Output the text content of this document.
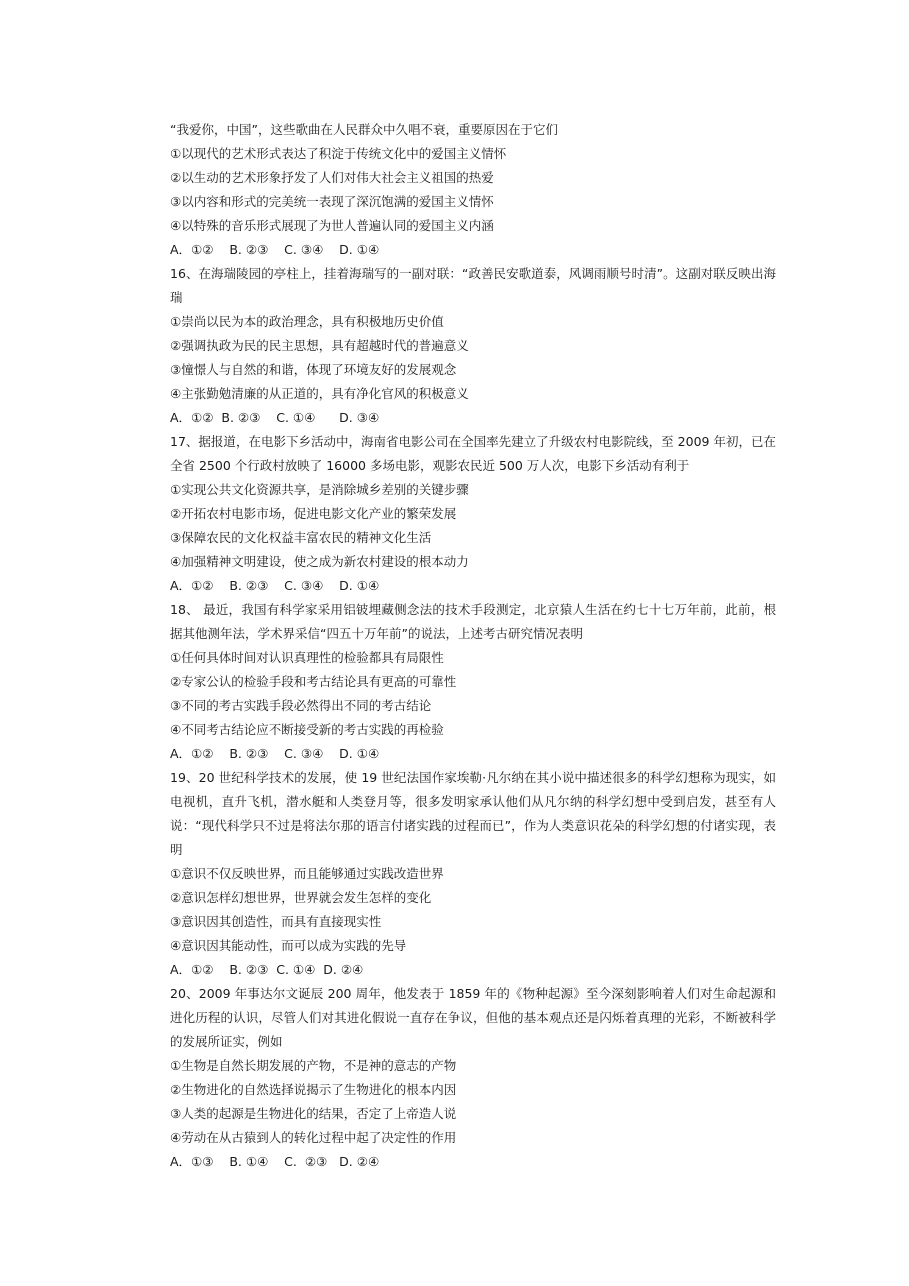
“我爱你，中国”，这些歌曲在人民群众中久唱不衰，重要原因在于它们
①以现代的艺术形式表达了积淀于传统文化中的爱国主义情怀
②以生动的艺术形象抒发了人们对伟大社会主义祖国的热爱
③以内容和形式的完美统一表现了深沉饱满的爱国主义情怀
④以特殊的音乐形式展现了为世人普遍认同的爱国主义内涵
A．①②    B. ②③    C. ③④    D. ①④
16、在海瑞陵园的亭柱上，挂着海瑞写的一副对联：“政善民安歌道泰，风调雨顺号时清”。这副对联反映出海瑞
①崇尚以民为本的政治理念，具有积极地历史价值
②强调执政为民的民主思想，具有超越时代的普遍意义
③憧憬人与自然的和谐，体现了环境友好的发展观念
④主张勤勉清廉的从正道的，具有净化官风的积极意义
A．①②  B. ②③    C. ①④      D. ③④
17、据报道，在电影下乡活动中，海南省电影公司在全国率先建立了升级农村电影院线，至 2009 年初，已在全省 2500 个行政村放映了 16000 多场电影，观影农民近 500 万人次，电影下乡活动有利于
①实现公共文化资源共享，是消除城乡差别的关键步骤
②开拓农村电影市场，促进电影文化产业的繁荣发展
③保障农民的文化权益丰富农民的精神文化生活
④加强精神文明建设，使之成为新农村建设的根本动力
A．①②    B. ②③    C. ③④    D. ①④
18、 最近，我国有科学家采用铝铍埋藏侧念法的技术手段测定，北京猿人生活在约七十七万年前，此前，根据其他测年法，学术界采信“四五十万年前”的说法，上述考古研究情况表明
①任何具体时间对认识真理性的检验都具有局限性
②专家公认的检验手段和考古结论具有更高的可靠性
③不同的考古实践手段必然得出不同的考古结论
④不同考古结论应不断接受新的考古实践的再检验
A．①②    B. ②③    C. ③④    D. ①④
19、20 世纪科学技术的发展，使 19 世纪法国作家埃勒·凡尔纳在其小说中描述很多的科学幻想称为现实，如电视机，直升飞机，潜水艇和人类登月等，很多发明家承认他们从凡尔纳的科学幻想中受到启发，甚至有人说：“现代科学只不过是将法尔那的语言付诸实践的过程而已”，作为人类意识花朵的科学幻想的付诸实现，表明
①意识不仅反映世界，而且能够通过实践改造世界
②意识怎样幻想世界，世界就会发生怎样的变化
③意识因其创造性，而具有直接现实性
④意识因其能动性，而可以成为实践的先导
A．①②    B. ②③  C. ①④  D. ②④
20、2009 年事达尔文诞辰 200 周年，他发表于 1859 年的《物种起源》至今深刻影响着人们对生命起源和进化历程的认识，尽管人们对其进化假说一直存在争议，但他的基本观点还是闪烁着真理的光彩，不断被科学的发展所证实，例如
①生物是自然长期发展的产物，不是神的意志的产物
②生物进化的自然选择说揭示了生物进化的根本内因
③人类的起源是生物进化的结果，否定了上帝造人说
④劳动在从古猿到人的转化过程中起了决定性的作用
A．①③    B. ①④    C.  ②③   D. ②④
